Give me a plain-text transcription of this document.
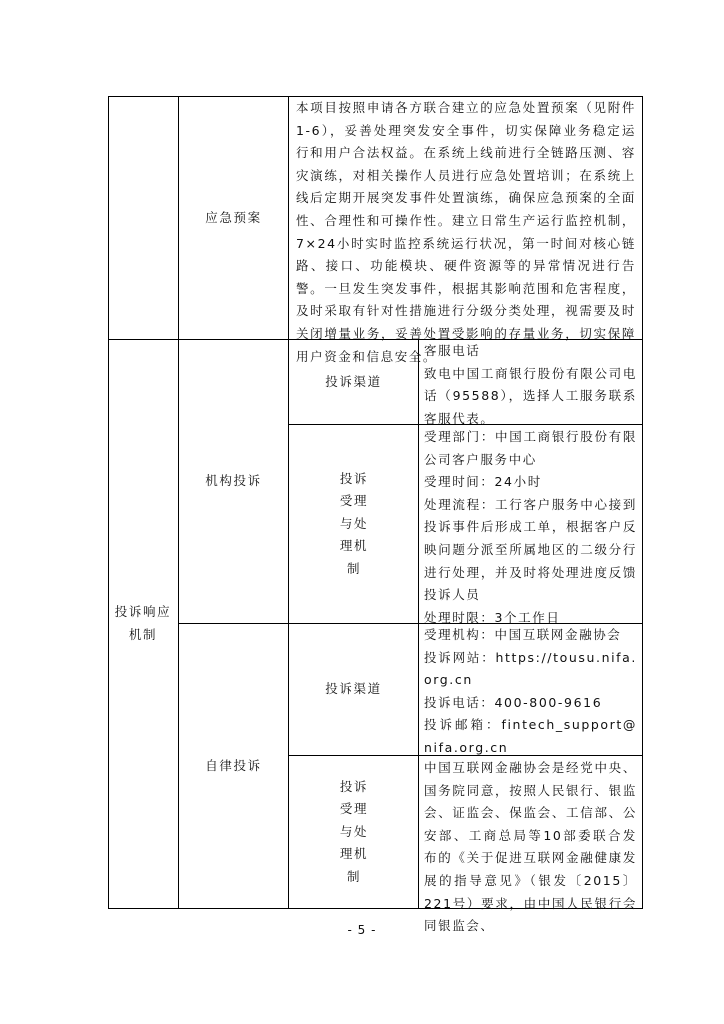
应急预案

本项目按照申请各方联合建立的应急处置预案（见附件1-6），妥善处理突发安全事件，切实保障业务稳定运行和用户合法权益。在系统上线前进行全链路压测、容灾演练，对相关操作人员进行应急处置培训；在系统上线后定期开展突发事件处置演练，确保应急预案的全面性、合理性和可操作性。建立日常生产运行监控机制，7×24小时实时监控系统运行状况，第一时间对核心链路、接口、功能模块、硬件资源等的异常情况进行告警。一旦发生突发事件，根据其影响范围和危害程度，及时采取有针对性措施进行分级分类处理，视需要及时关闭增量业务，妥善处置受影响的存量业务，切实保障用户资金和信息安全。

投诉响应机制
机构投诉
投诉渠道

客服电话

致电中国工商银行股份有限公司电话（95588），选择人工服务联系客服代表。

投诉受理与处理机制

受理部门：中国工商银行股份有限公司客户服务中心

受理时间：24小时

处理流程：工行客户服务中心接到投诉事件后形成工单，根据客户反映问题分派至所属地区的二级分行进行处理，并及时将处理进度反馈投诉人员

处理时限：3个工作日

自律投诉
投诉渠道

受理机构：中国互联网金融协会

投诉网站：https://tousu.nifa.org.cn

投诉电话：400-800-9616

投诉邮箱：fintech_support@nifa.org.cn

投诉受理与处理机制

中国互联网金融协会是经党中央、国务院同意，按照人民银行、银监会、证监会、保监会、工信部、公安部、工商总局等10部委联合发布的《关于促进互联网金融健康发展的指导意见》（银发〔2015〕221号）要求，由中国人民银行会同银监会、

- 5 -
